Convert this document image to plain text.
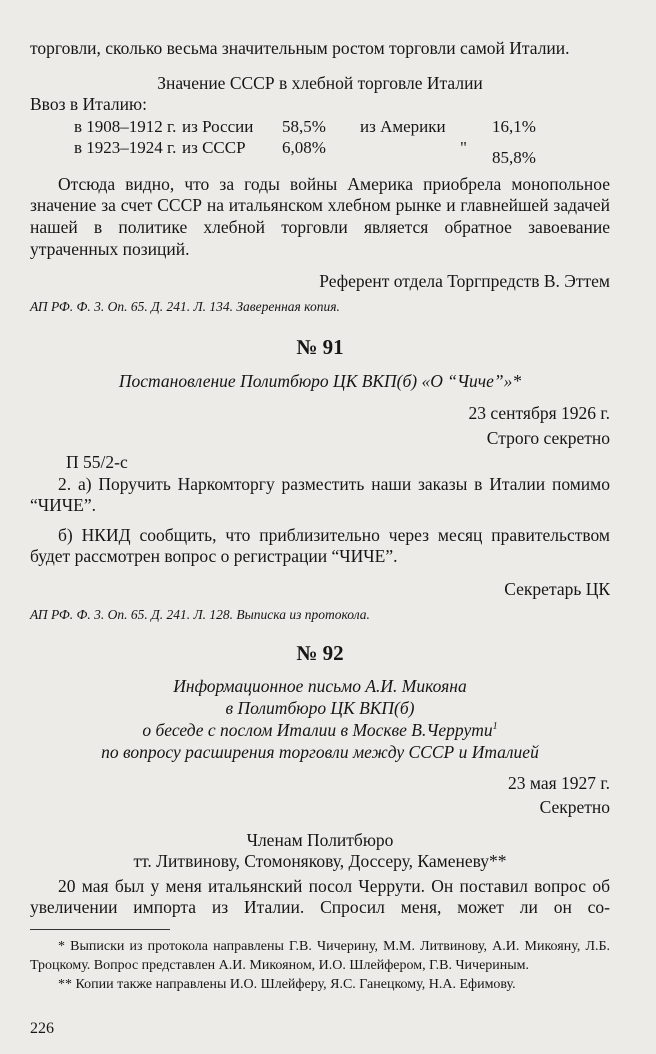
торговли, сколько весьма значительным ростом торговли самой Италии.

Значение СССР в хлебной торговле Италии

Ввоз в Италию:

в 1908–1912 г.	из России	58,5%	из Америки	16,1%
в 1923–1924 г.	из СССР	6,08%	"	85,8%

Отсюда видно, что за годы войны Америка приобрела монопольное значение за счет СССР на итальянском хлебном рынке и главнейшей задачей нашей в политике хлебной торговли является обратное завоевание утраченных позиций.

Референт отдела Торгпредств В. Эттем

АП РФ. Ф. 3. Оп. 65. Д. 241. Л. 134. Заверенная копия.

№ 91

Постановление Политбюро ЦК ВКП(б) «О “Чиче”»*

23 сентября 1926 г.

Строго секретно

П 55/2-с

2. а) Поручить Наркомторгу разместить наши заказы в Италии помимо “ЧИЧЕ”.

б) НКИД сообщить, что приблизительно через месяц правительством будет рассмотрен вопрос о регистрации “ЧИЧЕ”.

Секретарь ЦК

АП РФ. Ф. 3. Оп. 65. Д. 241. Л. 128. Выписка из протокола.

№ 92

Информационное письмо А.И. Микояна

в Политбюро ЦК ВКП(б)

о беседе с послом Италии в Москве В.Черрути$^1$

по вопросу расширения торговли между СССР и Италией

23 мая 1927 г.

Секретно

Членам Политбюро

тт. Литвинову, Стомонякову, Доссеру, Каменеву**

20 мая был у меня итальянский посол Черрути. Он поставил вопрос об увеличении импорта из Италии. Спросил меня, может ли он со-

* Выписки из протокола направлены Г.В. Чичерину, М.М. Литвинову, А.И. Микояну, Л.Б. Троцкому. Вопрос представлен А.И. Микояном, И.О. Шлейфером, Г.В. Чичериным.

** Копии также направлены И.О. Шлейферу, Я.С. Ганецкому, Н.А. Ефимову.

226
